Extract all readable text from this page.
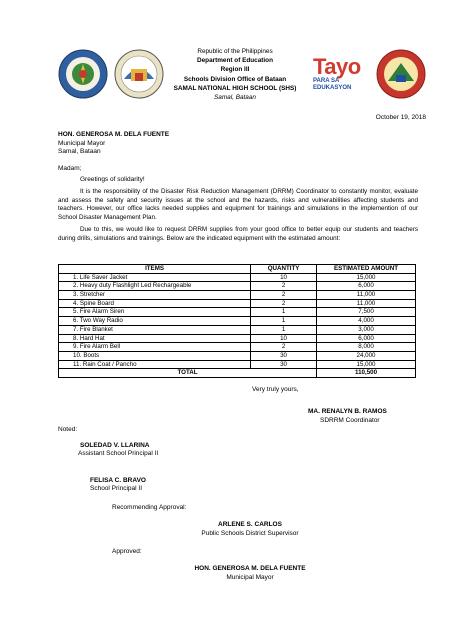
Tayo
PARA SA EDUKASYON
Republic of the Philippines
Department of Education
Region III
Schools Division Office of Bataan
SAMAL NATIONAL HIGH SCHOOL (SHS)
Samal, Bataan
October 19, 2018
HON. GENEROSA M. DELA FUENTE
Municipal Mayor
Samal, Bataan
Madam;
Greetings of solidarity!
It is the responsibility of the Disaster Risk Reduction Management (DRRM) Coordinator to constantly monitor, evaluate and assess the safety and security issues at the school and the hazards, risks and vulnerabilities affecting students and teachers. However, our office lacks needed supplies and equipment for trainings and simulations in the implemention of our School Disaster Management Plan.
Due to this, we would like to request DRRM supplies from your good office to better equip our students and teachers during drills, simulations and trainings. Below are the indicated equipment with the estimated amount:
ITEMS	QUANTITY	ESTIMATED AMOUNT
1. Life Saver Jacket	10	15,000
2. Heavy duty Flashlight Led Rechargeable	2	6,000
3. Stretcher	2	11,000
4. Spine Board	2	11,000
5. Fire Alarm Siren	1	7,500
6. Two Way Radio	1	4,000
7. Fire Blanket	1	3,000
8. Hard Hat	10	6,000
9. Fire Alarm Bell	2	8,000
10. Boots	30	24,000
11. Rain Coat / Pancho	30	15,000
TOTAL		110,500
Very truly yours,
MA. RENALYN B. RAMOS
SDRRM Coordinator
Noted:
SOLEDAD V. LLARINA
Assistant School Principal II
FELISA C. BRAVO
School Principal II
Recommending Approval:
ARLENE S. CARLOS
Public Schools District Supervisor
Approved:
HON. GENEROSA M. DELA FUENTE
Municipal Mayor
